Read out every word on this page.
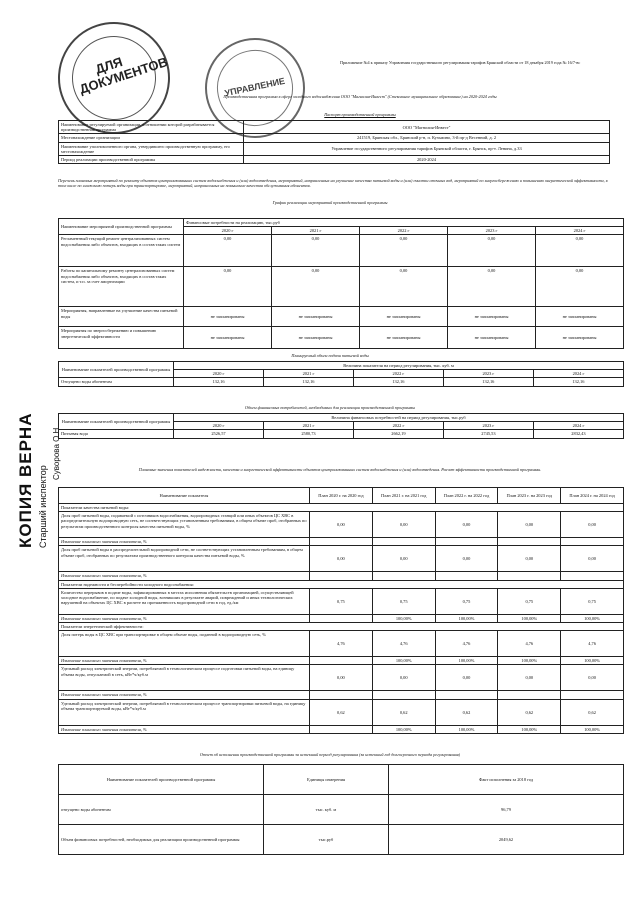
ДЛЯ ДОКУМЕНТОВ	УПРАВЛЕНИЕ
КОПИЯ ВЕРНА Старший инспектор
Суворова О.Н.
Приложение №4 к приказу Управления государственного регулирования тарифов Брянской области от 18 декабря 2019 года № 16/7-вс
Производственная программа в сфере холодного водоснабжения ООО "Магнолия-Инвест" (Стекольное муниципальное образование) на 2020-2024 годы
Паспорт производственной программы
Наименование регулируемой организации, в отношении которой разрабатывается производственная программа	ООО "Магнолия-Инвест"
Местонахождение организации	241519, Брянская обл., Брянский р-н, п. Кузьмино, 3-й пр-д Весенний, д. 2
Наименование уполномоченного органа, утвердившего производственную программу, его местонахождение	Управление государственного регулирования тарифов Брянской области, г. Брянск, пр-т. Ленина, д.33
Период реализации производственной программы	2020-2024
Перечень плановых мероприятий по ремонту объектов централизованных систем водоснабжения и (или) водоотведения, мероприятий, направленных на улучшение качества питьевой воды и (или) очистки сточных вод, мероприятий по энергосбережению и повышению энергетической эффективности, в том числе по снижению потерь воды при транспортировке, мероприятий, направленных на повышение качества обслуживания абонентов.
График реализации мероприятий производственной программы
Наименование мероприятий производственной программы	Финансовые потребности на реализацию, тыс.руб				
	2020 г	2021 г	2022 г	2023 г	2024 г
Регламентный текущий ремонт централизованных систем водоснабжения либо объектов, входящих в состав таких систем	0,00	0,00	0,00	0,00	0,00
Работы по капитальному ремонту централизованных систем водоснабжения либо объектов, входящих в состав таких систем, и т.п. за счет амортизации	0,00	0,00	0,00	0,00	0,00
Мероприятия, направленные на улучшение качества питьевой воды	не запланированы	не запланированы	не запланированы	не запланированы	не запланированы
Мероприятия по энергосбережению и повышению энергетической эффективности	не запланированы	не запланированы	не запланированы	не запланированы	не запланированы
Планируемый объем подачи питьевой воды
Наименование показателей производственной программы	Величина показателя на период регулирования, тыс. куб. м				
	2020 г	2021 г	2022 г	2023 г	2024 г
Отпущено воды абонентам	132,16	132,16	132,16	132,16	132,16
Объем финансовых потребностей, необходимых для реализации производственной программы
Наименование показателей производственной программы	Величина финансовых потребностей на период регулирования, тыс.руб				
	2020 г	2021 г	2022 г	2023 г	2024 г
Питьевая вода	2526,57	2580,73	2662,19	2745,53	2832,43
Плановые значения показателей надежности, качества и энергетической эффективности объектов централизованных систем водоснабжения и (или) водоотведения. Расчет эффективности производственной программы.
Наименование показателя	План 2020 г. на 2020 год	План 2021 г. на 2021 год	План 2022 г. на 2022 год	План 2023 г. на 2023 год	План 2024 г. на 2024 год
Показатели качества питьевой воды:					
Доля проб питьевой воды, подаваемой с источников водоснабжения, водопроводных станций или иных объектов ЦС ХВС в распределительную водопроводную сеть, не соответствующих установленным требованиям, в общем объеме проб, отобранных по результатам производственного контроля качества питьевой воды, %	0,00	0,00	0,00	0,00	0,00
Изменение планового значения показателя, %					
Доля проб питьевой воды в распределительной водопроводной сети, не соответствующих установленным требованиям, в общем объеме проб, отобранных по результатам производственного контроля качества питьевой воды, %	0,00	0,00	0,00	0,00	0,00
Изменение планового значения показателя, %					
Показатели надежности и бесперебойности холодного водоснабжения:					
Количество перерывов в подаче воды, зафиксированных в местах исполнения обязательств организацией, осуществляющей холодное водоснабжение, по подаче холодной воды, возникших в результате аварий, повреждений и иных технологических нарушений на объектах ЦС ХВС в расчете на протяженность водопроводной сети в год, ед./км	0,75	0,75	0,75	0,75	0,75
Изменение планового значения показателя, %		100,00%	100,00%	100,00%	100,00%
Показатели энергетической эффективности:					
Доля потерь воды в ЦС ХВС при транспортировке в общем объеме воды, поданной в водопроводную сеть, %	4,76	4,76	4,76	4,76	4,76
Изменение планового значения показателя, %		100,00%	100,00%	100,00%	100,00%
Удельный расход электрической энергии, потребляемой в технологическом процессе подготовки питьевой воды, на единицу объема воды, отпускаемой в сеть, кВт*ч/куб.м	0,00	0,00	0,00	0,00	0,00
Изменение планового значения показателя, %					
Удельный расход электрической энергии, потребляемой в технологическом процессе транспортировки питьевой воды, на единицу объема транспортируемой воды, кВт*ч/куб.м	0,62	0,62	0,62	0,62	0,62
Изменение планового значения показателя, %		100,00%	100,00%	100,00%	100,00%
Отчет об исполнении производственной программы за истекший период регулирования (за истекший год долгосрочного периода регулирования)
Наименование показателей производственной программы	Единицы измерения	Факт исполнения за 2018 год
отпущено воды абонентам	тыс. куб. м	96,79
Объем финансовых потребностей, необходимых для реализации производственной программы	тыс.руб	2049,62
